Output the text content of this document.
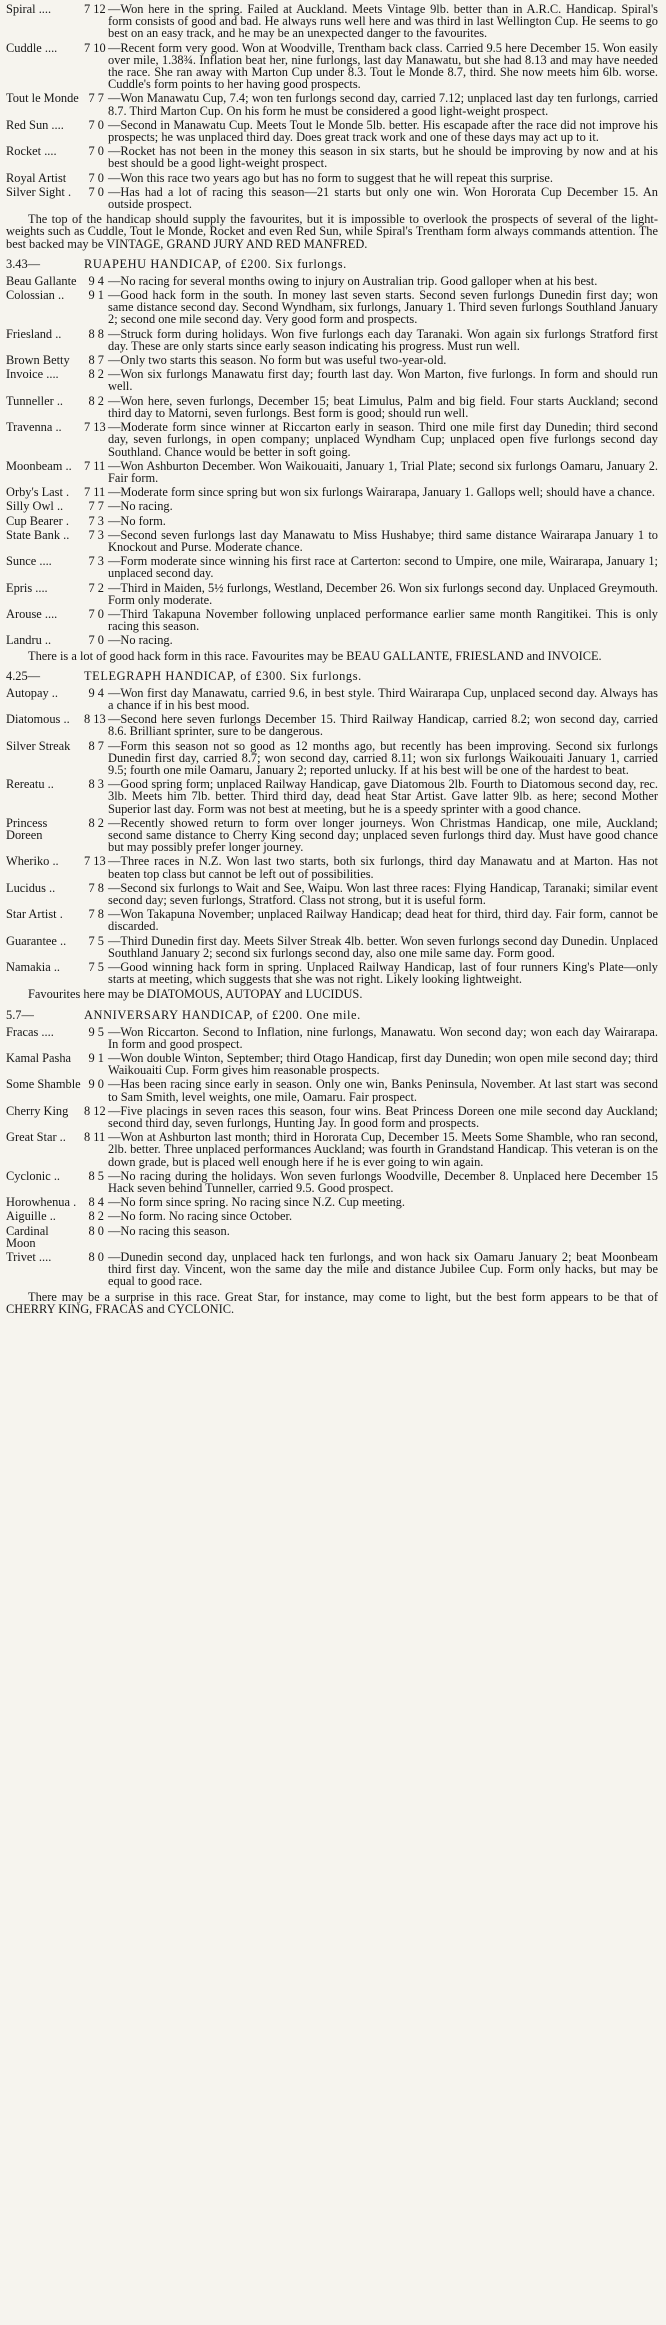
Spiral ....	7 12 —Won here in the spring. Failed at Auckland. Meets Vintage 9lb. better than in A.R.C. Handicap. Spiral's form consists of good and bad. He always runs well here and was third in last Wellington Cup. He seems to go best on an easy track, and he may be an unexpected danger to the favourites.
Cuddle ....	7 10 —Recent form very good. Won at Woodville, Trentham back class. Carried 9.5 here December 15. Won easily over mile, 1.38¾. Inflation beat her, nine furlongs, last day Manawatu, but she had 8.13 and may have needed the race. She ran away with Marton Cup under 8.3. Tout le Monde 8.7, third. She now meets him 6lb. worse. Cuddle's form points to her having good prospects.
Tout le Monde 7 7 —Won Manawatu Cup, 7.4; won ten furlongs second day, carried 7.12; unplaced last day ten furlongs, carried 8.7. Third Marton Cup. On his form he must be considered a good light-weight prospect.
Red Sun ....	7 0 —Second in Manawatu Cup. Meets Tout le Monde 5lb. better. His escapade after the race did not improve his prospects; he was unplaced third day. Does great track work and one of these days may act up to it.
Rocket ....	7 0 —Rocket has not been in the money this season in six starts, but he should be improving by now and at his best should be a good light-weight prospect.
Royal Artist	7 0 —Won this race two years ago but has no form to suggest that he will repeat this surprise.
Silver Sight .	7 0 —Has had a lot of racing this season—21 starts but only one win. Won Hororata Cup December 15. An outside prospect.

The top of the handicap should supply the favourites, but it is impossible to overlook the prospects of several of the light-weights such as Cuddle, Tout le Monde, Rocket and even Red Sun, while Spiral's Trentham form always commands attention. The best backed may be VINTAGE, GRAND JURY AND RED MANFRED.

3.43—	RUAPEHU HANDICAP, of £200. Six furlongs.
Beau Gallante 9 4 —No racing for several months owing to injury on Australian trip. Good galloper when at his best.
Colossian ..	9 1 —Good hack form in the south. In money last seven starts. Second seven furlongs Dunedin first day; won same distance second day. Second Wyndham, six furlongs, January 1. Third seven furlongs Southland January 2; second one mile second day. Very good form and prospects.
Friesland ..	8 8 —Struck form during holidays. Won five furlongs each day Taranaki. Won again six furlongs Stratford first day. These are only starts since early season indicating his progress. Must run well.
Brown Betty	8 7 —Only two starts this season. No form but was useful two-year-old.
Invoice ....	8 2 —Won six furlongs Manawatu first day; fourth last day. Won Marton, five furlongs. In form and should run well.
Tunneller ..	8 2 —Won here, seven furlongs, December 15; beat Limulus, Palm and big field. Four starts Auckland; second third day to Matorni, seven furlongs. Best form is good; should run well.
Travenna ..	7 13 —Moderate form since winner at Riccarton early in season. Third one mile first day Dunedin; third second day, seven furlongs, in open company; unplaced Wyndham Cup; unplaced open five furlongs second day Southland. Chance would be better in soft going.
Moonbeam .. 7 11 —Won Ashburton December. Won Waikouaiti, January 1, Trial Plate; second six furlongs Oamaru, January 2. Fair form.
Orby's Last .	7 11 —Moderate form since spring but won six furlongs Wairarapa, January 1. Gallops well; should have a chance.
Silly Owl ..	7 7 —No racing.
Cup Bearer .	7 3 —No form.
State Bank ..	7 3 —Second seven furlongs last day Manawatu to Miss Hushabye; third same distance Wairarapa January 1 to Knockout and Purse. Moderate chance.
Sunce ....	7 3 —Form moderate since winning his first race at Carterton: second to Umpire, one mile, Wairarapa, January 1; unplaced second day.
Epris ....	7 2 —Third in Maiden, 5½ furlongs, Westland, December 26. Won six furlongs second day. Unplaced Greymouth. Form only moderate.
Arouse ....	7 0 —Third Takapuna November following unplaced performance earlier same month Rangitikei. This is only racing this season.
Landru ..	7 0 —No racing.

There is a lot of good hack form in this race. Favourites may be BEAU GALLANTE, FRIESLAND and INVOICE.

4.25—	TELEGRAPH HANDICAP, of £300. Six furlongs.
Autopay ..	9 4 —Won first day Manawatu, carried 9.6, in best style. Third Wairarapa Cup, unplaced second day. Always has a chance if in his best mood.
Diatomous ..	8 13 —Second here seven furlongs December 15. Third Railway Handicap, carried 8.2; won second day, carried 8.6. Brilliant sprinter, sure to be dangerous.
Silver Streak	8 7 —Form this season not so good as 12 months ago, but recently has been improving. Second six furlongs Dunedin first day, carried 8.7; won second day, carried 8.11; won six furlongs Waikouaiti January 1, carried 9.5; fourth one mile Oamaru, January 2; reported unlucky. If at his best will be one of the hardest to beat.
Rereatu ..	8 3 —Good spring form; unplaced Railway Handicap, gave Diatomous 2lb. Fourth to Diatomous second day, rec. 3lb. Meets him 7lb. better. Third third day, dead heat Star Artist. Gave latter 9lb. as here; second Mother Superior last day. Form was not best at meeting, but he is a speedy sprinter with a good chance.
Princess
Doreen
8 2 —Recently showed return to form over longer journeys. Won Christmas Handicap, one mile, Auckland; second same distance to Cherry King second day; unplaced seven furlongs third day. Must have good chance but may possibly prefer longer journey.
Wheriko ..	7 13 —Three races in N.Z. Won last two starts, both six furlongs, third day Manawatu and at Marton. Has not beaten top class but cannot be left out of possibilities.
Lucidus ..	7 8 —Second six furlongs to Wait and See, Waipu. Won last three races: Flying Handicap, Taranaki; similar event second day; seven furlongs, Stratford. Class not strong, but it is useful form.
Star Artist .	7 8 —Won Takapuna November; unplaced Railway Handicap; dead heat for third, third day. Fair form, cannot be discarded.
Guarantee ..	7 5 —Third Dunedin first day. Meets Silver Streak 4lb. better. Won seven furlongs second day Dunedin. Unplaced Southland January 2; second six furlongs second day, also one mile same day. Form good.
Namakia ..	7 5 —Good winning hack form in spring. Unplaced Railway Handicap, last of four runners King's Plate—only starts at meeting, which suggests that she was not right. Likely looking lightweight.

Favourites here may be DIATOMOUS, AUTOPAY and LUCIDUS.

5.7—	ANNIVERSARY HANDICAP, of £200. One mile.
Fracas ....	9 5 —Won Riccarton. Second to Inflation, nine furlongs, Manawatu. Won second day; won each day Wairarapa. In form and good prospect.
Kamal Pasha	9 1 —Won double Winton, September; third Otago Handicap, first day Dunedin; won open mile second day; third Waikouaiti Cup. Form gives him reasonable prospects.
Some Shamble 9 0 —Has been racing since early in season. Only one win, Banks Peninsula, November. At last start was second to Sam Smith, level weights, one mile, Oamaru. Fair prospect.
Cherry King	8 12 —Five placings in seven races this season, four wins. Beat Princess Doreen one mile second day Auckland; second third day, seven furlongs, Hunting Jay. In good form and prospects.
Great Star ..	8 11 —Won at Ashburton last month; third in Hororata Cup, December 15. Meets Some Shamble, who ran second, 2lb. better. Three unplaced performances Auckland; was fourth in Grandstand Handicap. This veteran is on the down grade, but is placed well enough here if he is ever going to win again.
Cyclonic ..	8 5 —No racing during the holidays. Won seven furlongs Woodville, December 8. Unplaced here December 15 Hack seven behind Tunneller, carried 9.5. Good prospect.
Horowhenua . 8 4 —No form since spring. No racing since N.Z. Cup meeting.
Aiguille ..	8 2 —No form. No racing since October.
Cardinal
Moon
8 0 —No racing this season.
Trivet ....	8 0 —Dunedin second day, unplaced hack ten furlongs, and won hack six Oamaru January 2; beat Moonbeam third first day. Vincent, won the same day the mile and distance Jubilee Cup. Form only hacks, but may be equal to good race.

There may be a surprise in this race. Great Star, for instance, may come to light, but the best form appears to be that of CHERRY KING, FRACAS and CYCLONIC.
